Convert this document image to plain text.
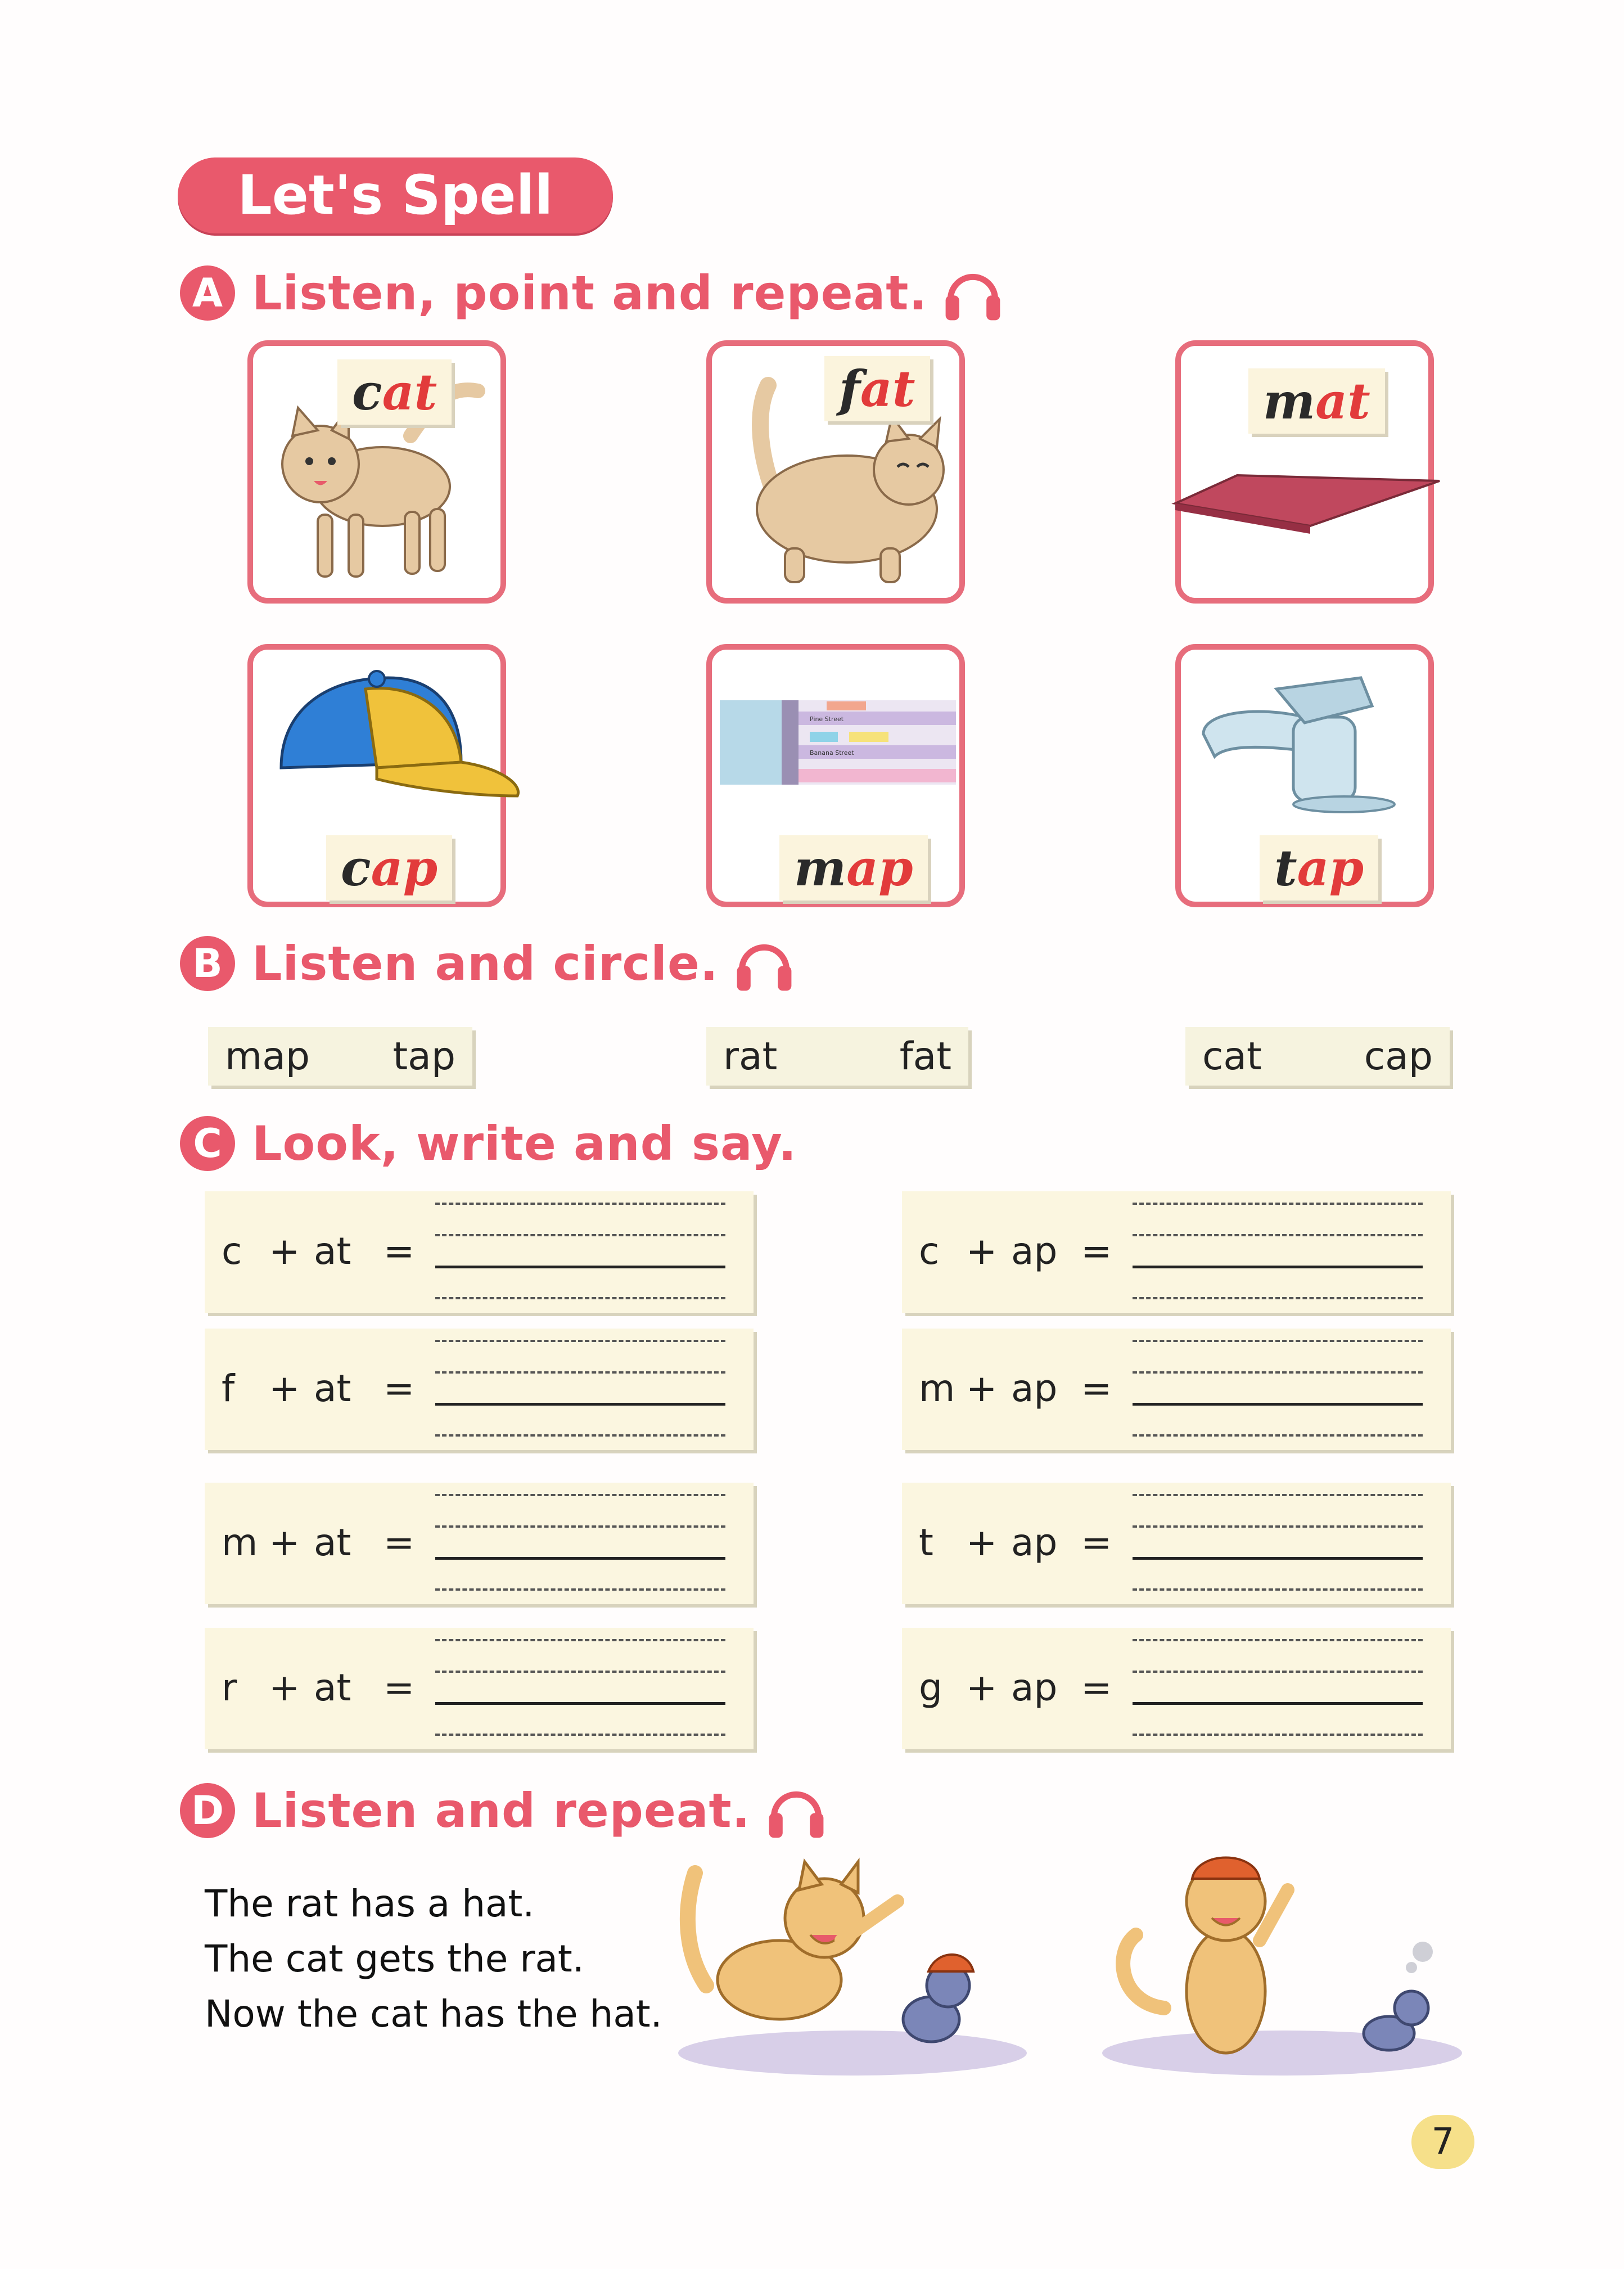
Let's Spell
A Listen, point and repeat.
cat	fat	mat
cap
Pine Street
Banana Street
map	tap
B Listen and circle.
map tap	rat	fat	cat	cap
C Look, write and say.
c + at =
f + at =
m + at =
r + at =
c + ap =
m + ap =
t + ap =
g + ap =
D Listen and repeat.
The rat has a hat.
The cat gets the rat.
Now the cat has the hat.
7
